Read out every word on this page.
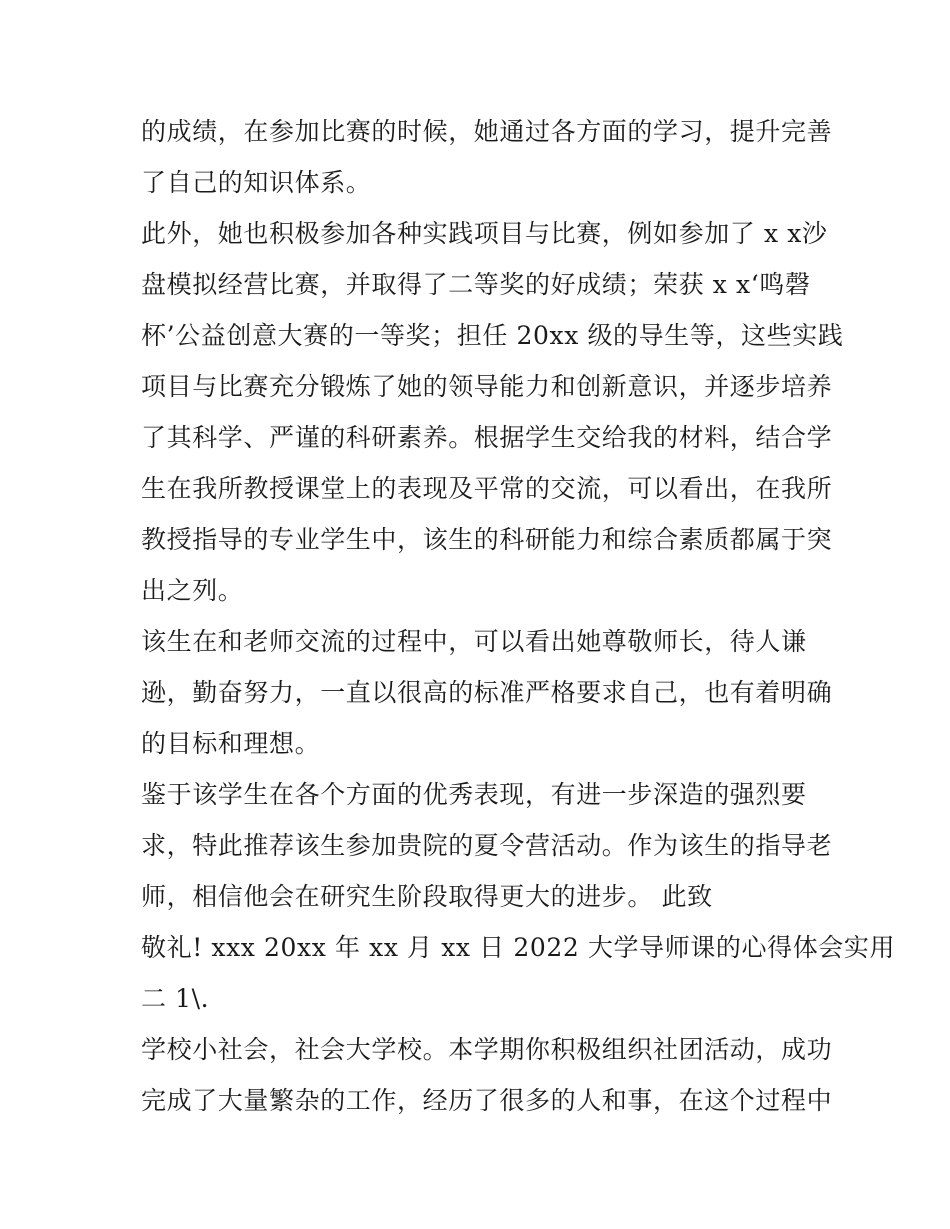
的成绩，在参加比赛的时候，她通过各方面的学习，提升完善
了自己的知识体系。
此外，她也积极参加各种实践项目与比赛，例如参加了 x x沙
盘模拟经营比赛，并取得了二等奖的好成绩；荣获 x x‘鸣磬
杯’公益创意大赛的一等奖；担任 20xx 级的导生等，这些实践
项目与比赛充分锻炼了她的领导能力和创新意识，并逐步培养
了其科学、严谨的科研素养。根据学生交给我的材料，结合学
生在我所教授课堂上的表现及平常的交流，可以看出，在我所
教授指导的专业学生中，该生的科研能力和综合素质都属于突
出之列。
该生在和老师交流的过程中，可以看出她尊敬师长，待人谦
逊，勤奋努力，一直以很高的标准严格要求自己，也有着明确
的目标和理想。
鉴于该学生在各个方面的优秀表现，有进一步深造的强烈要
求，特此推荐该生参加贵院的夏令营活动。作为该生的指导老
师，相信他会在研究生阶段取得更大的进步。 此致
敬礼! xxx 20xx 年 xx 月 xx 日 2022 大学导师课的心得体会实用
二 1\.
学校小社会，社会大学校。本学期你积极组织社团活动，成功
完成了大量繁杂的工作，经历了很多的人和事，在这个过程中
